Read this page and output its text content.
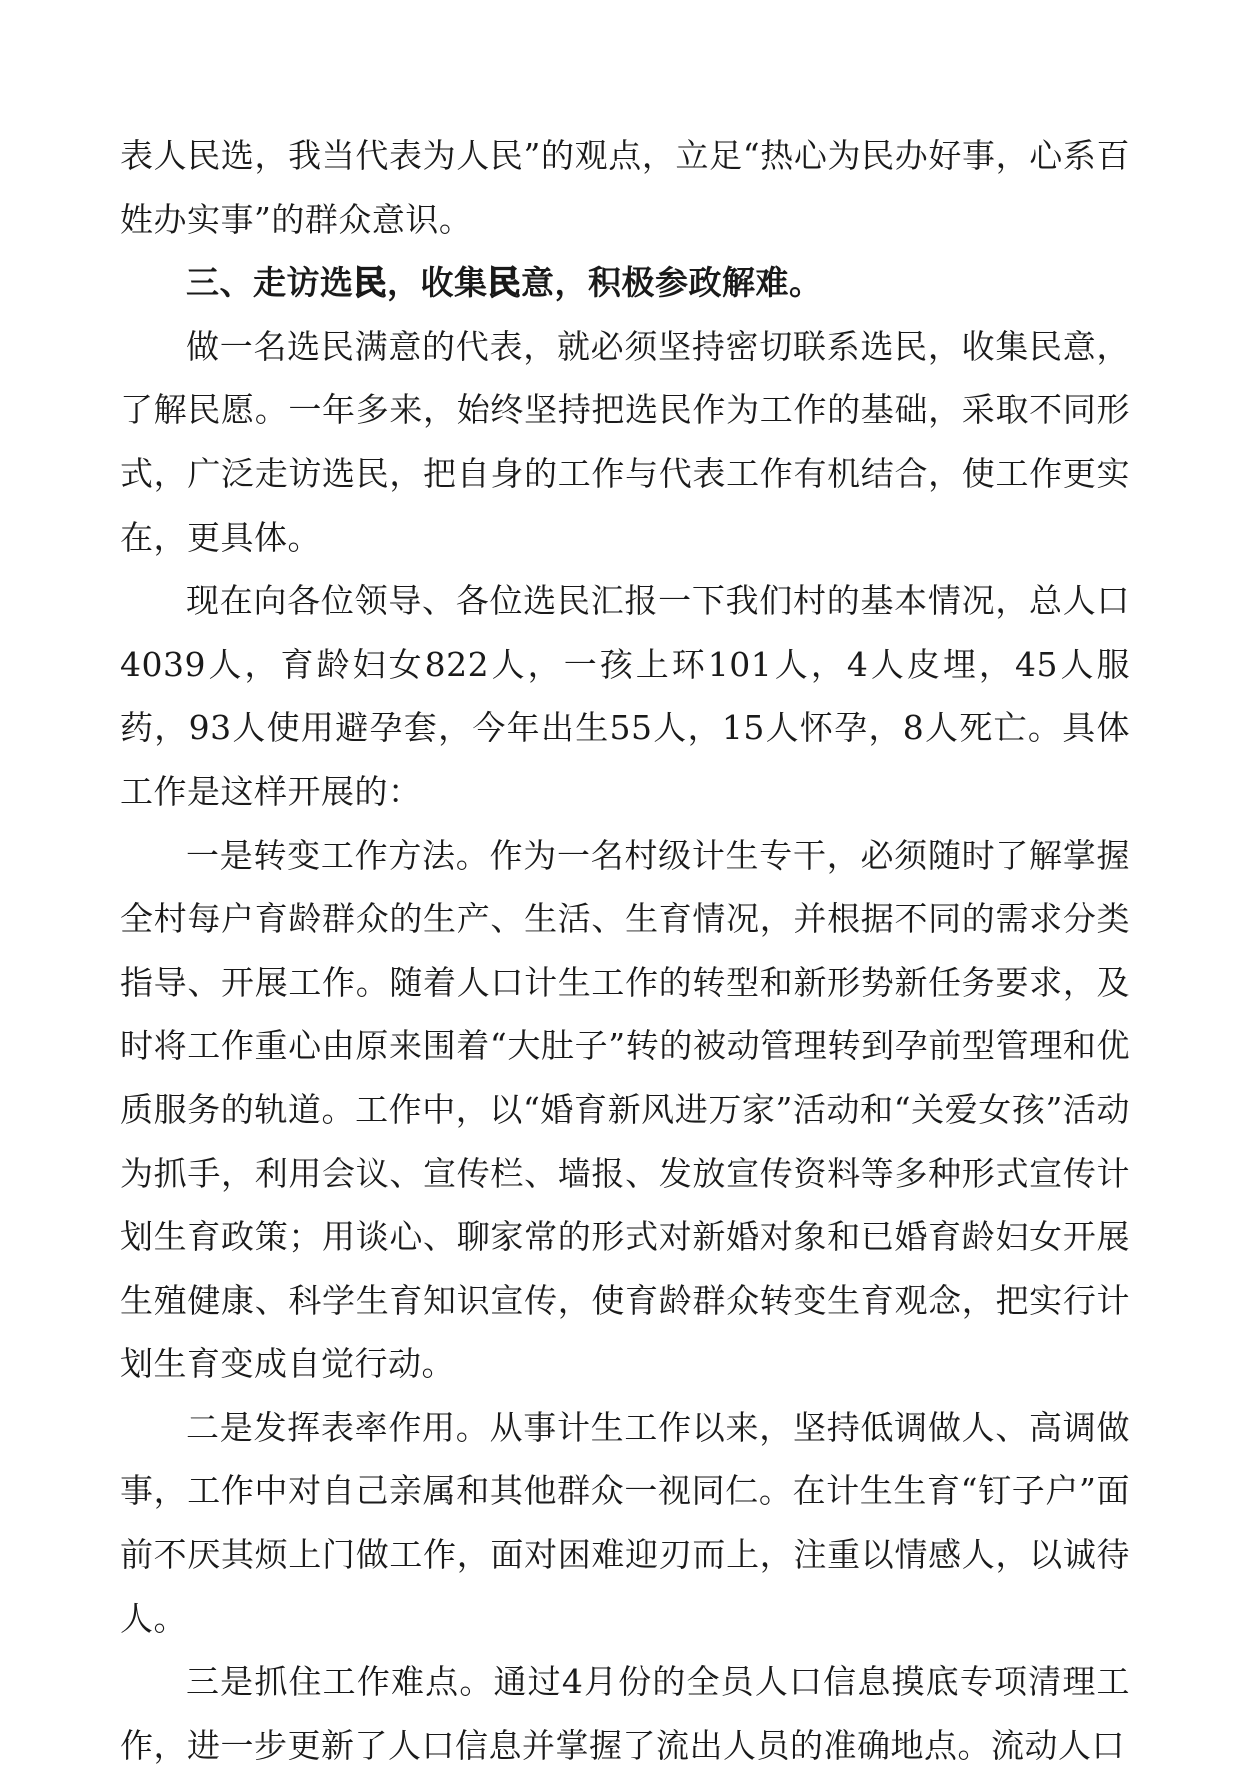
表人民选，我当代表为人民”的观点，立足“热心为民办好事，心系百姓办实事”的群众意识。

三、走访选民，收集民意，积极参政解难。

做一名选民满意的代表，就必须坚持密切联系选民，收集民意，了解民愿。一年多来，始终坚持把选民作为工作的基础，采取不同形式，广泛走访选民，把自身的工作与代表工作有机结合，使工作更实在，更具体。

现在向各位领导、各位选民汇报一下我们村的基本情况，总人口4039人，育龄妇女822人，一孩上环101人，4人皮埋，45人服药，93人使用避孕套，今年出生55人，15人怀孕，8人死亡。具体工作是这样开展的：

一是转变工作方法。作为一名村级计生专干，必须随时了解掌握全村每户育龄群众的生产、生活、生育情况，并根据不同的需求分类指导、开展工作。随着人口计生工作的转型和新形势新任务要求，及时将工作重心由原来围着“大肚子”转的被动管理转到孕前型管理和优质服务的轨道。工作中，以“婚育新风进万家”活动和“关爱女孩”活动为抓手，利用会议、宣传栏、墙报、发放宣传资料等多种形式宣传计划生育政策；用谈心、聊家常的形式对新婚对象和已婚育龄妇女开展生殖健康、科学生育知识宣传，使育龄群众转变生育观念，把实行计划生育变成自觉行动。

二是发挥表率作用。从事计生工作以来，坚持低调做人、高调做事，工作中对自己亲属和其他群众一视同仁。在计生生育“钉子户”面前不厌其烦上门做工作，面对困难迎刃而上，注重以情感人，以诚待人。

三是抓住工作难点。通过4月份的全员人口信息摸底专项清理工作，进一步更新了人口信息并掌握了流出人员的准确地点。流动人口
